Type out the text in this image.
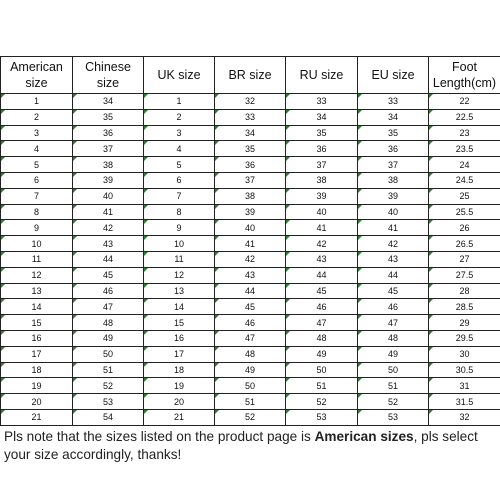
American size	Chinese size	UK size	BR size	RU size	EU size	Foot Length(cm)
1	34	1	32	33	33	22
2	35	2	33	34	34	22.5
3	36	3	34	35	35	23
4	37	4	35	36	36	23.5
5	38	5	36	37	37	24
6	39	6	37	38	38	24.5
7	40	7	38	39	39	25
8	41	8	39	40	40	25.5
9	42	9	40	41	41	26
10	43	10	41	42	42	26.5
11	44	11	42	43	43	27
12	45	12	43	44	44	27.5
13	46	13	44	45	45	28
14	47	14	45	46	46	28.5
15	48	15	46	47	47	29
16	49	16	47	48	48	29.5
17	50	17	48	49	49	30
18	51	18	49	50	50	30.5
19	52	19	50	51	51	31
20	53	20	51	52	52	31.5
21	54	21	52	53	53	32
Pls note that the sizes listed on the product page is American sizes, pls select your size accordingly, thanks!
